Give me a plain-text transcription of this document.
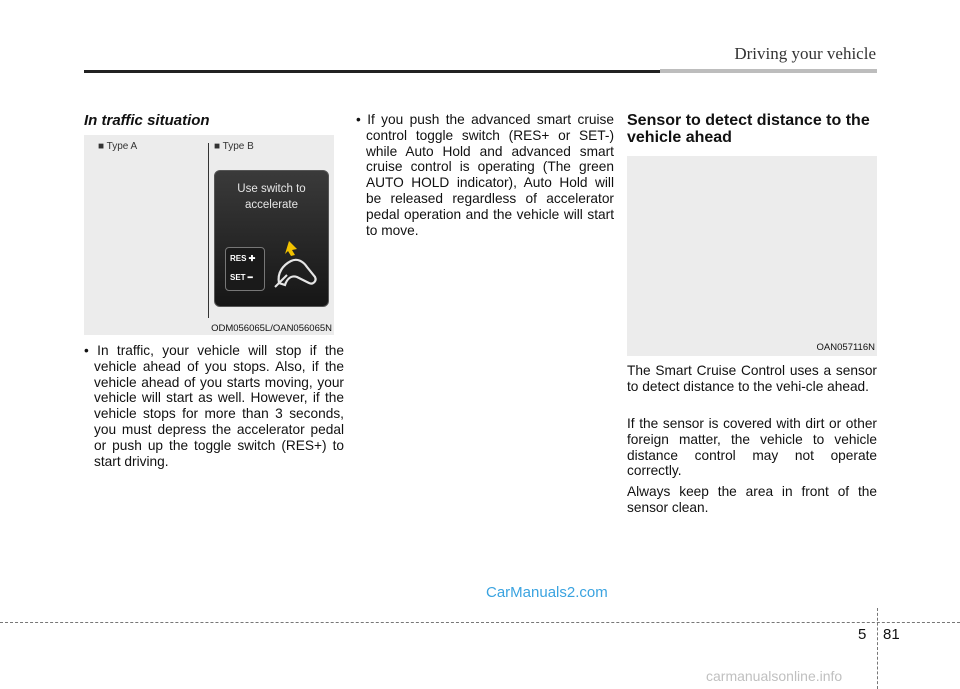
Driving your vehicle
In traffic situation
■ Type A	■ Type B
Use switch to
accelerate
RES ✚
SET ━
ODM056065L/OAN056065N

• In traffic, your vehicle will stop if the vehicle ahead of you stops. Also, if the vehicle ahead of you starts moving, your vehicle will start as well. However, if the vehicle stops for more than 3 seconds, you must depress the accelerator pedal or push up the toggle switch (RES+) to start driving.

• If you push the advanced smart cruise control toggle switch (RES+ or SET-) while Auto Hold and advanced smart cruise control is operating (The green AUTO HOLD indicator), Auto Hold will be released regardless of accelerator pedal operation and the vehicle will start to move.

Sensor to detect distance to the vehicle ahead
OAN057116N

The Smart Cruise Control uses a sensor to detect distance to the vehi-cle ahead.

If the sensor is covered with dirt or other foreign matter, the vehicle to vehicle distance control may not operate correctly.

Always keep the area in front of the sensor clean.

CarManuals2.com
5 81
carmanualsonline.info
